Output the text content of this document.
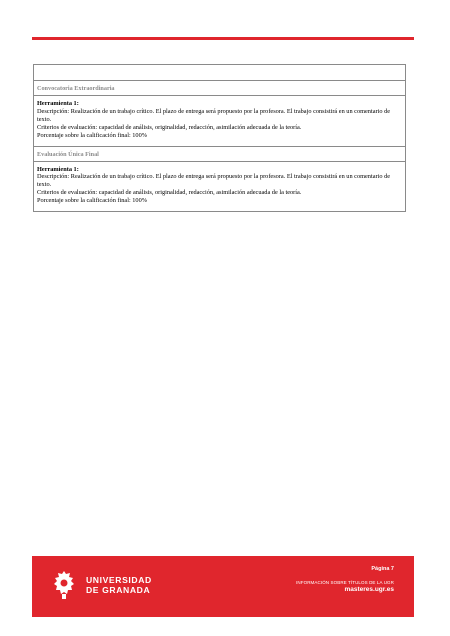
Convocatoria Extraordinaria
Herramienta 1:
Descripción: Realización de un trabajo crítico. El plazo de entrega será propuesto por la profesora. El trabajo consistirá en un comentario de texto.
Criterios de evaluación: capacidad de análisis, originalidad, redacción, asimilación adecuada de la teoría.
Porcentaje sobre la calificación final: 100%
Evaluación Única Final
Herramienta 1:
Descripción: Realización de un trabajo crítico. El plazo de entrega será propuesto por la profesora. El trabajo consistirá en un comentario de texto.
Criterios de evaluación: capacidad de análisis, originalidad, redacción, asimilación adecuada de la teoría.
Porcentaje sobre la calificación final: 100%
UNIVERSIDAD
DE GRANADA
Página 7
INFORMACIÓN SOBRE TÍTULOS DE LA UGR
masteres.ugr.es
